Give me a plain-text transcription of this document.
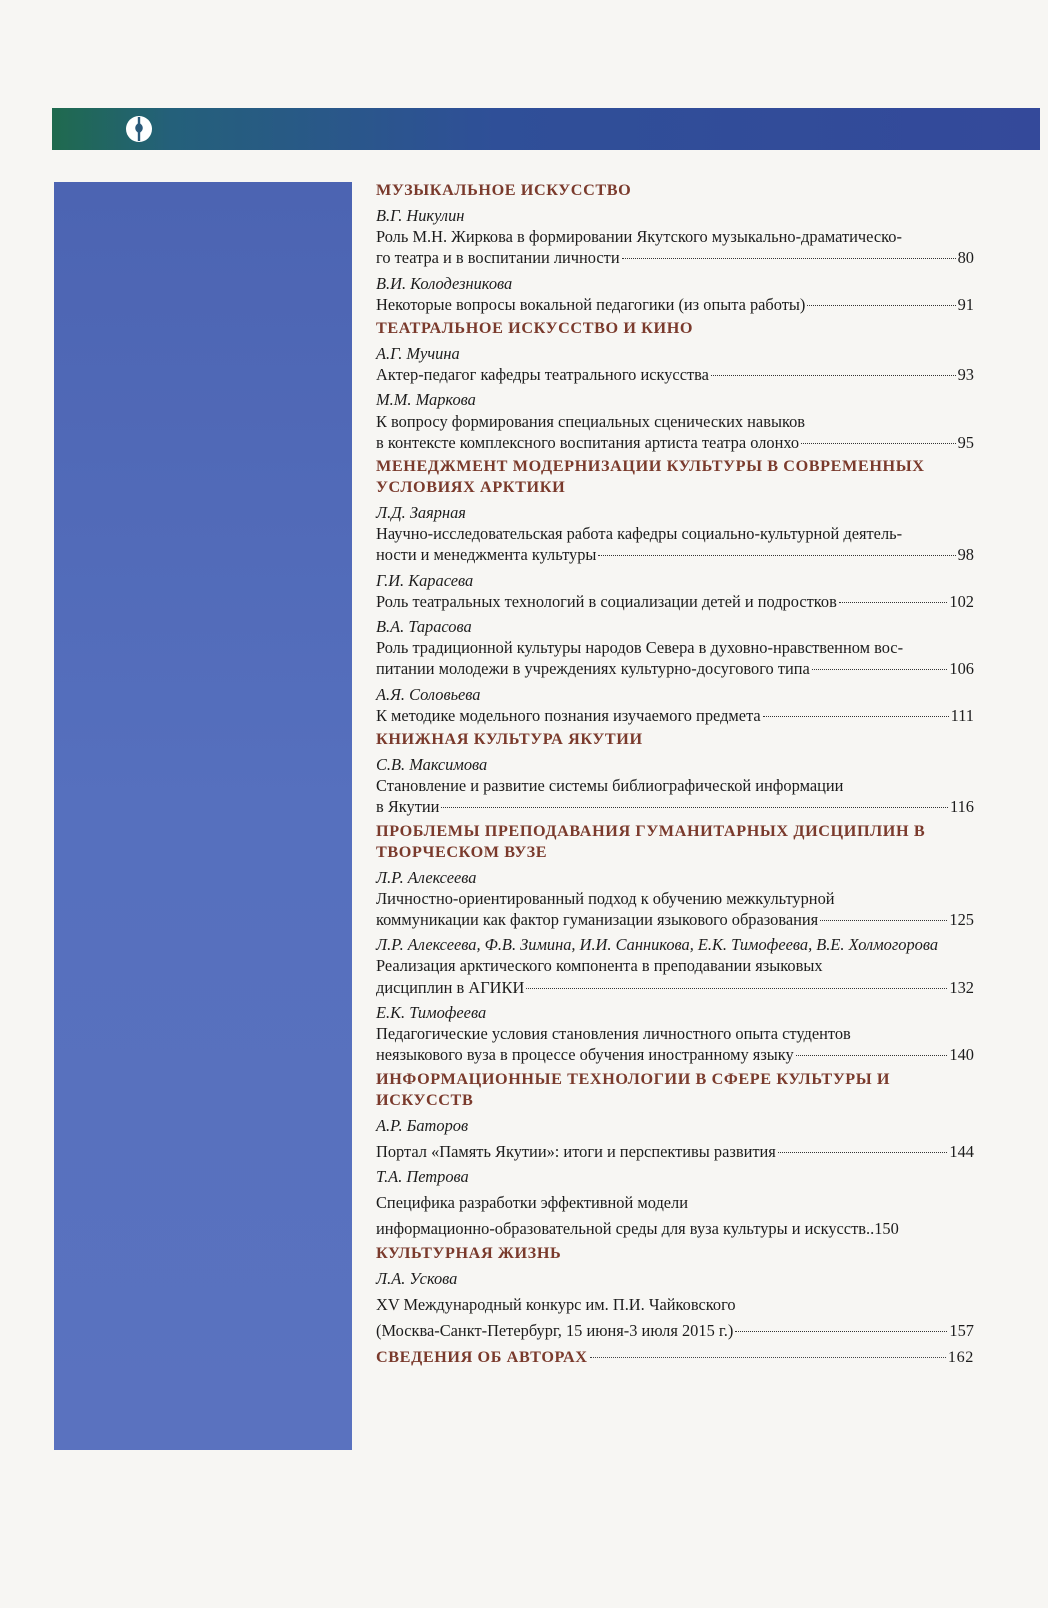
МУЗЫКАЛЬНОЕ ИСКУССТВО
В.Г. Никулин
Роль М.Н. Жиркова в формировании Якутского музыкально-драматическо-
го театра и в воспитании личности	80
В.И. Колодезникова
Некоторые вопросы вокальной педагогики (из опыта работы)	91
ТЕАТРАЛЬНОЕ ИСКУССТВО И КИНО
А.Г. Мучина
Актер-педагог кафедры театрального искусства	93
М.М. Маркова
К вопросу формирования специальных сценических навыков
в контексте комплексного воспитания артиста театра олонхо	95
МЕНЕДЖМЕНТ МОДЕРНИЗАЦИИ КУЛЬТУРЫ В СОВРЕМЕННЫХ УСЛОВИЯХ АРКТИКИ
Л.Д. Заярная
Научно-исследовательская работа кафедры социально-культурной деятель-
ности и менеджмента культуры	98
Г.И. Карасева
Роль театральных технологий в социализации детей и подростков	102
В.А. Тарасова
Роль традиционной культуры народов Севера в духовно-нравственном вос-
питании молодежи в учреждениях культурно-досугового типа	106
А.Я. Соловьева
К методике модельного познания изучаемого предмета	111
КНИЖНАЯ КУЛЬТУРА ЯКУТИИ
С.В. Максимова
Становление и развитие системы библиографической информации
в Якутии	116
ПРОБЛЕМЫ ПРЕПОДАВАНИЯ ГУМАНИТАРНЫХ ДИСЦИПЛИН В ТВОРЧЕСКОМ ВУЗЕ
Л.Р. Алексеева
Личностно-ориентированный подход к обучению межкультурной
коммуникации как фактор гуманизации языкового образования	125
Л.Р. Алексеева, Ф.В. Зимина, И.И. Санникова, Е.К. Тимофеева, В.Е. Холмогорова
Реализация арктического компонента в преподавании языковых
дисциплин в АГИКИ	132
Е.К. Тимофеева
Педагогические условия становления личностного опыта студентов
неязыкового вуза в процессе обучения иностранному языку	140
ИНФОРМАЦИОННЫЕ ТЕХНОЛОГИИ В СФЕРЕ КУЛЬТУРЫ И ИСКУССТВ
А.Р. Баторов
Портал «Память Якутии»: итоги и перспективы развития	144
Т.А. Петрова
Специфика разработки эффективной модели
информационно-образовательной среды для вуза культуры и искусств.. 150
КУЛЬТУРНАЯ ЖИЗНЬ
Л.А. Ускова
XV Международный конкурс им. П.И. Чайковского
(Москва-Санкт-Петербург, 15 июня-3 июля 2015 г.)	157
СВЕДЕНИЯ ОБ АВТОРАХ	162
